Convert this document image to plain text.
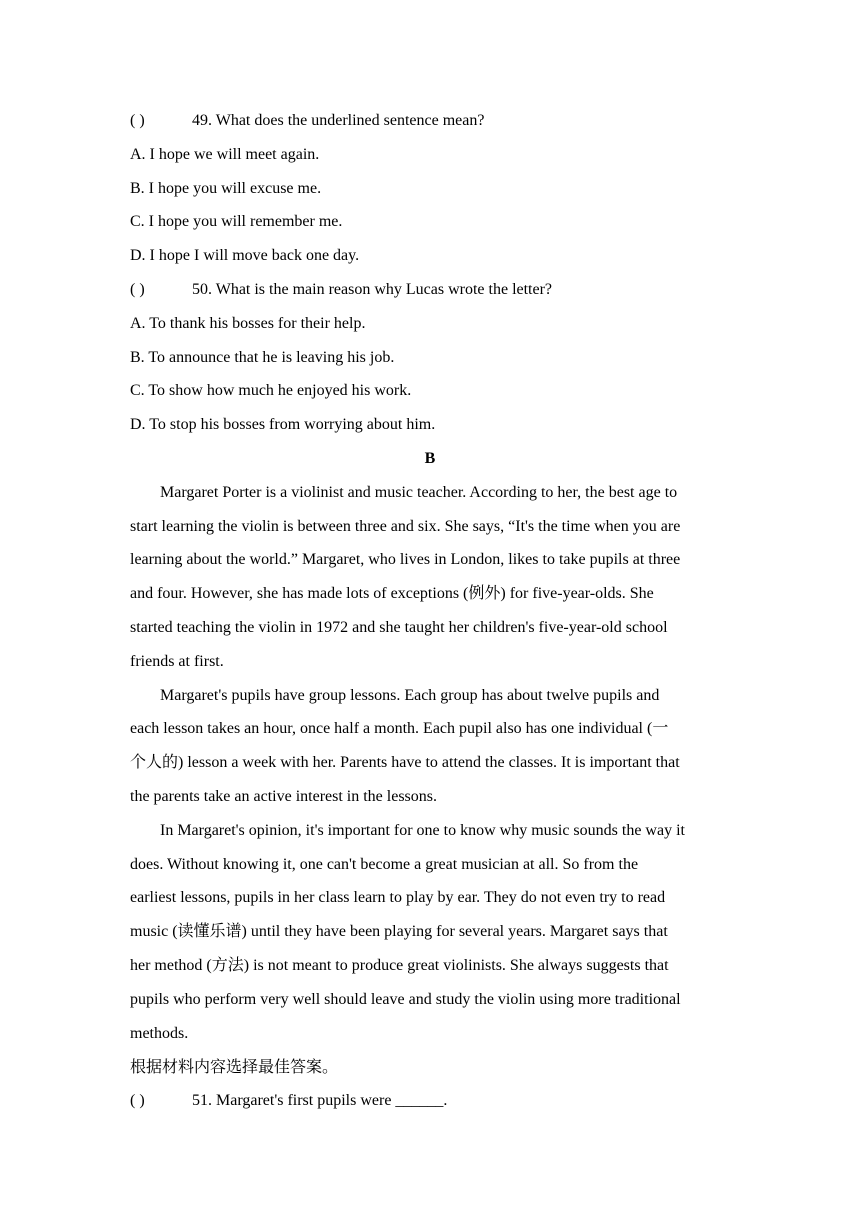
( )	49. What does the underlined sentence mean?
A. I hope we will meet again.
B. I hope you will excuse me.
C. I hope you will remember me.
D. I hope I will move back one day.
( )	50. What is the main reason why Lucas wrote the letter?
A. To thank his bosses for their help.
B. To announce that he is leaving his job.
C. To show how much he enjoyed his work.
D. To stop his bosses from worrying about him.
B

Margaret Porter is a violinist and music teacher. According to her, the best age to
start learning the violin is between three and six. She says, “It's the time when you are
learning about the world.” Margaret, who lives in London, likes to take pupils at three
and four. However, she has made lots of exceptions (例外) for five-year-olds. She
started teaching the violin in 1972 and she taught her children's five-year-old school
friends at first.

Margaret's pupils have group lessons. Each group has about twelve pupils and
each lesson takes an hour, once half a month. Each pupil also has one individual (一
个人的) lesson a week with her. Parents have to attend the classes. It is important that
the parents take an active interest in the lessons.

In Margaret's opinion, it's important for one to know why music sounds the way it
does. Without knowing it, one can't become a great musician at all. So from the
earliest lessons, pupils in her class learn to play by ear. They do not even try to read
music (读懂乐谱) until they have been playing for several years. Margaret says that
her method (方法) is not meant to produce great violinists. She always suggests that
pupils who perform very well should leave and study the violin using more traditional
methods.

根据材料内容选择最佳答案。
( )	51. Margaret's first pupils were ______.
